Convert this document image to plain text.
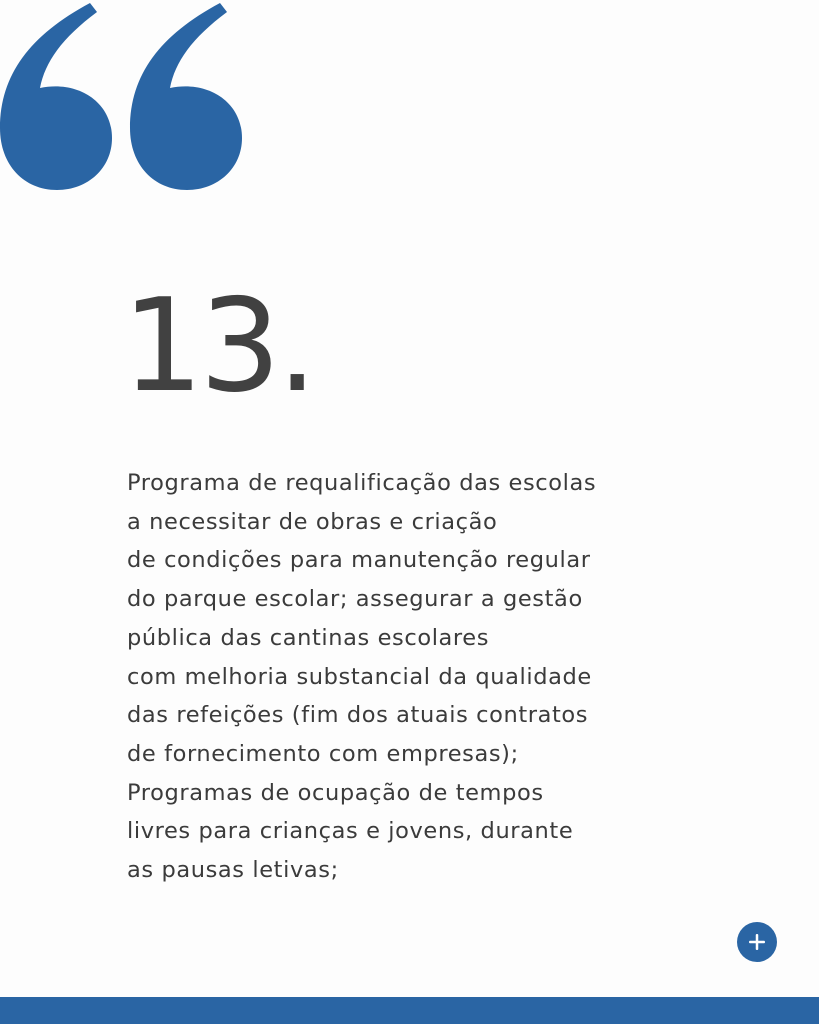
13.

Programa de requalificação das escolas
a necessitar de obras e criação
de condições para manutenção regular
do parque escolar; assegurar a gestão
pública das cantinas escolares
com melhoria substancial da qualidade
das refeições (fim dos atuais contratos
de fornecimento com empresas);
Programas de ocupação de tempos
livres para crianças e jovens, durante
as pausas letivas;
